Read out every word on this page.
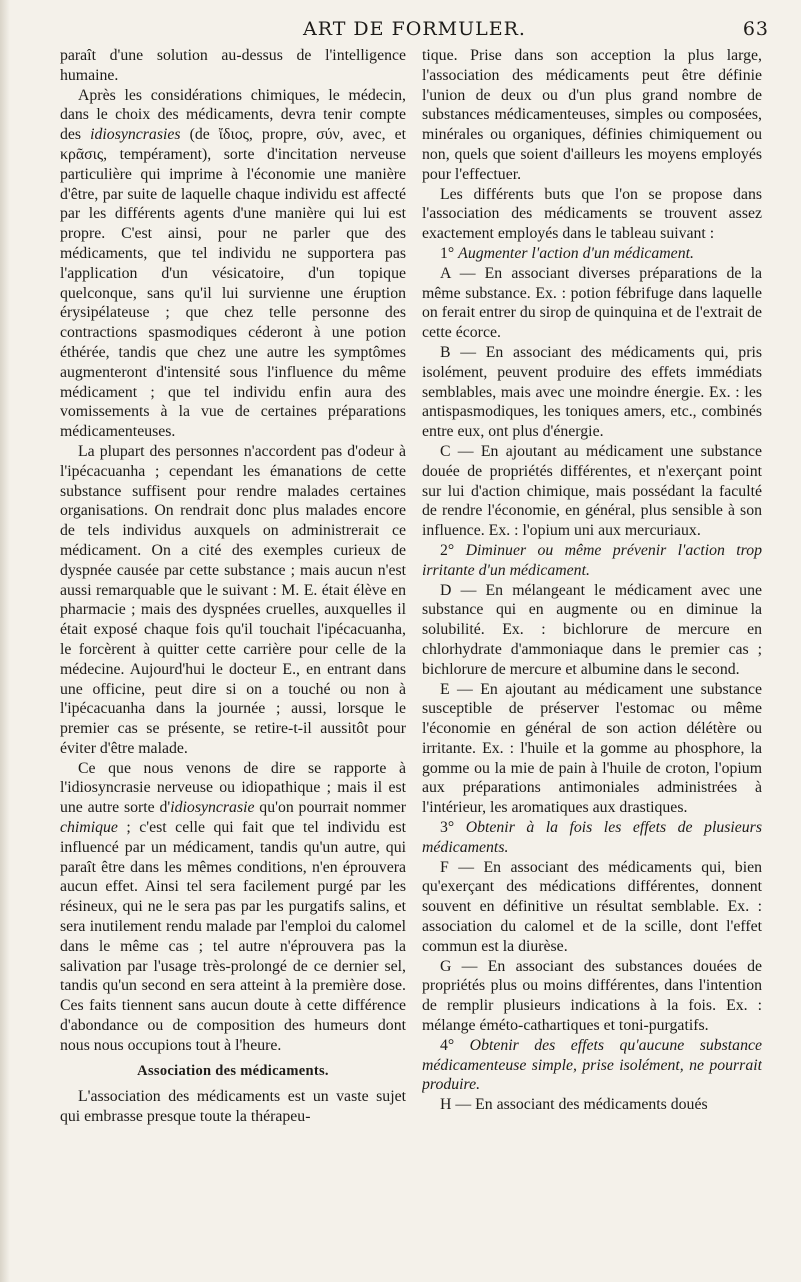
ART DE FORMULER.	63

paraît d'une solution au-dessus de l'intelligence humaine.

Après les considérations chimiques, le médecin, dans le choix des médicaments, devra tenir compte des idiosyncrasies (de ἴδιος, propre, σύν, avec, et κρᾶσις, tempérament), sorte d'incitation nerveuse particulière qui imprime à l'économie une manière d'être, par suite de laquelle chaque individu est affecté par les différents agents d'une manière qui lui est propre. C'est ainsi, pour ne parler que des médicaments, que tel individu ne supportera pas l'application d'un vésicatoire, d'un topique quelconque, sans qu'il lui survienne une éruption érysipélateuse ; que chez telle personne des contractions spasmodiques céderont à une potion éthérée, tandis que chez une autre les symptômes augmenteront d'intensité sous l'influence du même médicament ; que tel individu enfin aura des vomissements à la vue de certaines préparations médicamenteuses.

La plupart des personnes n'accordent pas d'odeur à l'ipécacuanha ; cependant les émanations de cette substance suffisent pour rendre malades certaines organisations. On rendrait donc plus malades encore de tels individus auxquels on administrerait ce médicament. On a cité des exemples curieux de dyspnée causée par cette substance ; mais aucun n'est aussi remarquable que le suivant : M. E. était élève en pharmacie ; mais des dyspnées cruelles, auxquelles il était exposé chaque fois qu'il touchait l'ipécacuanha, le forcèrent à quitter cette carrière pour celle de la médecine. Aujourd'hui le docteur E., en entrant dans une officine, peut dire si on a touché ou non à l'ipécacuanha dans la journée ; aussi, lorsque le premier cas se présente, se retire-t-il aussitôt pour éviter d'être malade.

Ce que nous venons de dire se rapporte à l'idiosyncrasie nerveuse ou idiopathique ; mais il est une autre sorte d'idiosyncrasie qu'on pourrait nommer chimique ; c'est celle qui fait que tel individu est influencé par un médicament, tandis qu'un autre, qui paraît être dans les mêmes conditions, n'en éprouvera aucun effet. Ainsi tel sera facilement purgé par les résineux, qui ne le sera pas par les purgatifs salins, et sera inutilement rendu malade par l'emploi du calomel dans le même cas ; tel autre n'éprouvera pas la salivation par l'usage très-prolongé de ce dernier sel, tandis qu'un second en sera atteint à la première dose. Ces faits tiennent sans aucun doute à cette différence d'abondance ou de composition des humeurs dont nous nous occupions tout à l'heure.

Association des médicaments.

L'association des médicaments est un vaste sujet qui embrasse presque toute la thérapeu-

tique. Prise dans son acception la plus large, l'association des médicaments peut être définie l'union de deux ou d'un plus grand nombre de substances médicamenteuses, simples ou composées, minérales ou organiques, définies chimiquement ou non, quels que soient d'ailleurs les moyens employés pour l'effectuer.

Les différents buts que l'on se propose dans l'association des médicaments se trouvent assez exactement employés dans le tableau suivant :

1° Augmenter l'action d'un médicament.

A — En associant diverses préparations de la même substance. Ex. : potion fébrifuge dans laquelle on ferait entrer du sirop de quinquina et de l'extrait de cette écorce.

B — En associant des médicaments qui, pris isolément, peuvent produire des effets immédiats semblables, mais avec une moindre énergie. Ex. : les antispasmodiques, les toniques amers, etc., combinés entre eux, ont plus d'énergie.

C — En ajoutant au médicament une substance douée de propriétés différentes, et n'exerçant point sur lui d'action chimique, mais possédant la faculté de rendre l'économie, en général, plus sensible à son influence. Ex. : l'opium uni aux mercuriaux.

2° Diminuer ou même prévenir l'action trop irritante d'un médicament.

D — En mélangeant le médicament avec une substance qui en augmente ou en diminue la solubilité. Ex. : bichlorure de mercure en chlorhydrate d'ammoniaque dans le premier cas ; bichlorure de mercure et albumine dans le second.

E — En ajoutant au médicament une substance susceptible de préserver l'estomac ou même l'économie en général de son action délétère ou irritante. Ex. : l'huile et la gomme au phosphore, la gomme ou la mie de pain à l'huile de croton, l'opium aux préparations antimoniales administrées à l'intérieur, les aromatiques aux drastiques.

3° Obtenir à la fois les effets de plusieurs médicaments.

F — En associant des médicaments qui, bien qu'exerçant des médications différentes, donnent souvent en définitive un résultat semblable. Ex. : association du calomel et de la scille, dont l'effet commun est la diurèse.

G — En associant des substances douées de propriétés plus ou moins différentes, dans l'intention de remplir plusieurs indications à la fois. Ex. : mélange éméto-cathartiques et toni-purgatifs.

4° Obtenir des effets qu'aucune substance médicamenteuse simple, prise isolément, ne pourrait produire.

H — En associant des médicaments doués
